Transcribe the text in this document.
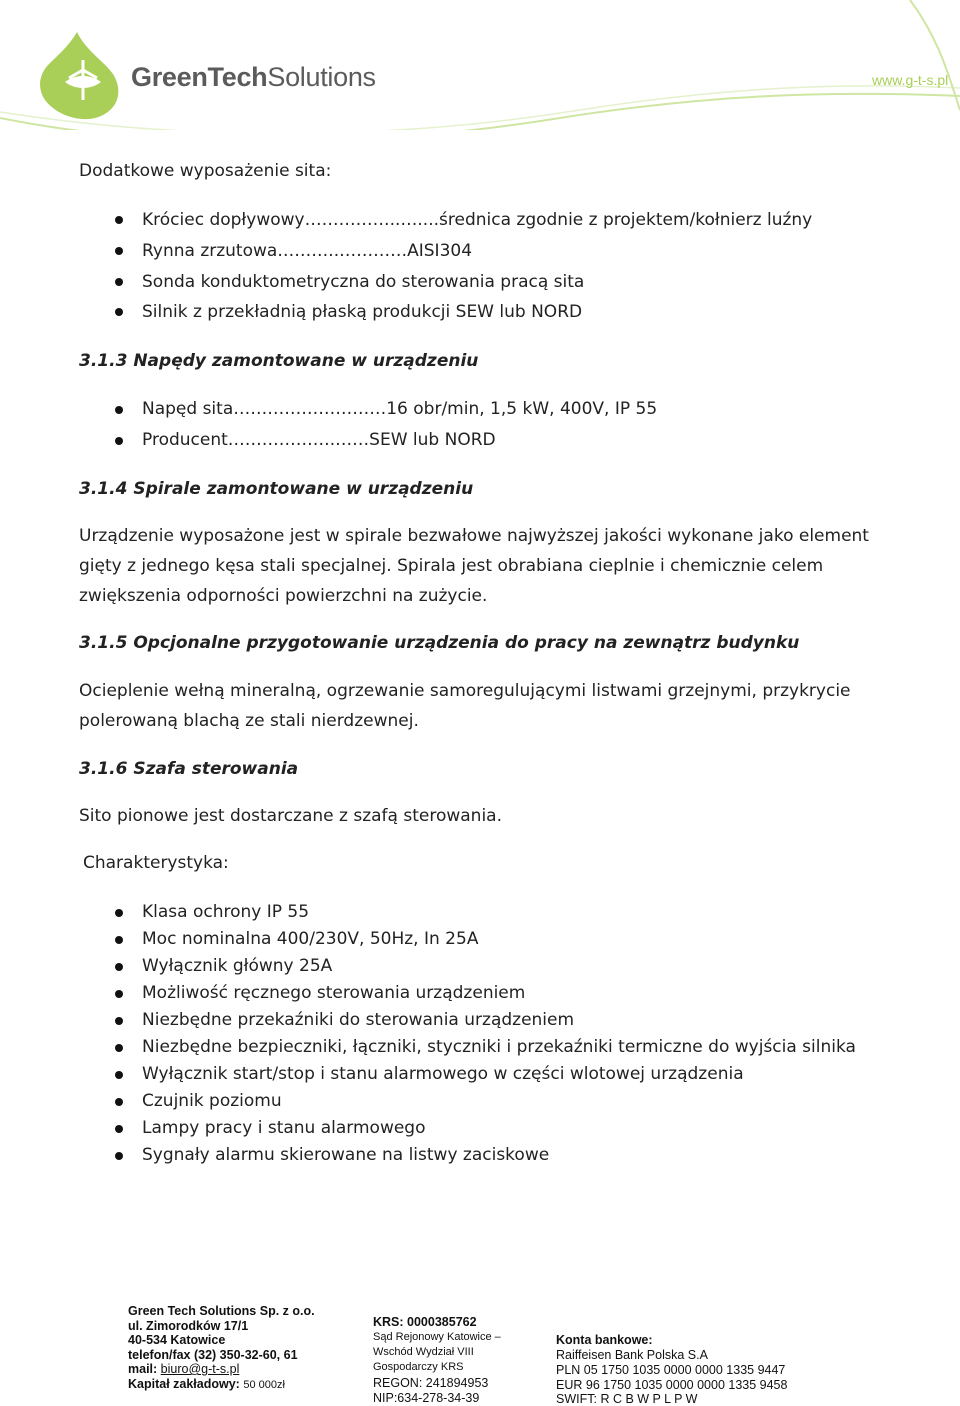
GreenTechSolutions	www.g-t-s.pl
Dodatkowe wyposażenie sita:
Króciec dopływowy……………..…....średnica zgodnie z projektem/kołnierz luźny
Rynna zrzutowa………..…………AISI304
Sonda konduktometryczna do sterowania pracą sita
Silnik z przekładnią płaską produkcji SEW lub NORD
3.1.3 Napędy zamontowane w urządzeniu
Napęd sita………………………16 obr/min, 1,5 kW, 400V, IP 55
Producent……………….……SEW lub NORD
3.1.4 Spirale zamontowane w urządzeniu
Urządzenie wyposażone jest w spirale bezwałowe najwyższej jakości wykonane jako element
gięty z jednego kęsa stali specjalnej. Spirala jest obrabiana cieplnie i chemicznie celem
zwiększenia odporności powierzchni na zużycie.
3.1.5 Opcjonalne przygotowanie urządzenia do pracy na zewnątrz budynku
Ocieplenie wełną mineralną, ogrzewanie samoregulującymi listwami grzejnymi, przykrycie
polerowaną blachą ze stali nierdzewnej.
3.1.6 Szafa sterowania
Sito pionowe jest dostarczane z szafą sterowania.
Charakterystyka:
Klasa ochrony IP 55
Moc nominalna 400/230V, 50Hz, In 25A
Wyłącznik główny 25A
Możliwość ręcznego sterowania urządzeniem
Niezbędne przekaźniki do sterowania urządzeniem
Niezbędne bezpieczniki, łączniki, styczniki i przekaźniki termiczne do wyjścia silnika
Wyłącznik start/stop i stanu alarmowego w części wlotowej urządzenia
Czujnik poziomu
Lampy pracy i stanu alarmowego
Sygnały alarmu skierowane na listwy zaciskowe
Green Tech Solutions Sp. z o.o.
ul. Zimorodków 17/1
40-534 Katowice
telefon/fax (32) 350-32-60, 61
mail: biuro@g-t-s.pl
Kapitał zakładowy: 50 000zł
KRS: 0000385762
Sąd Rejonowy Katowice –
Wschód Wydział VIII
Gospodarczy KRS
REGON: 241894953
NIP:634-278-34-39
Konta bankowe:
Raiffeisen Bank Polska S.A
PLN 05 1750 1035 0000 0000 1335 9447
EUR 96 1750 1035 0000 0000 1335 9458
SWIFT: R C B W P L P W
